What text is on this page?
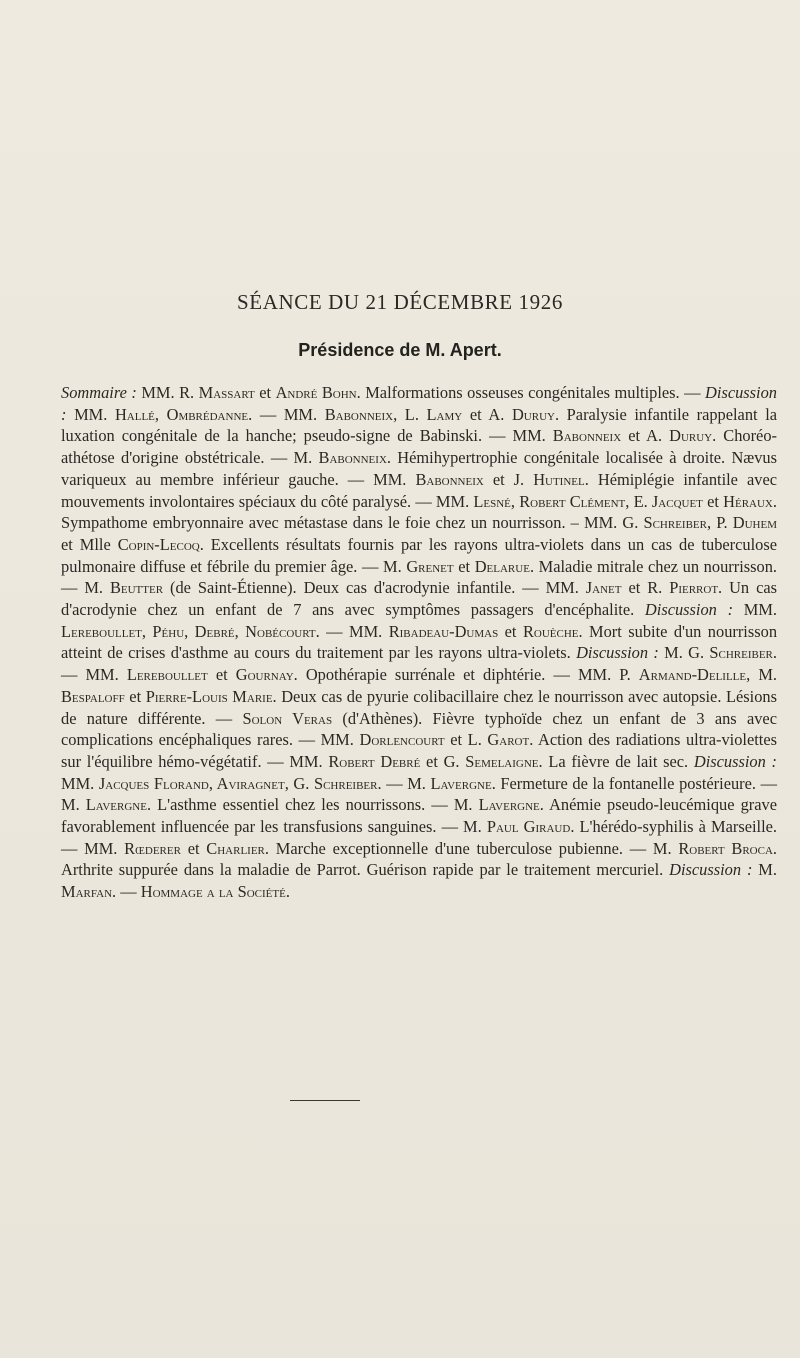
SÉANCE DU 21 DÉCEMBRE 1926
Présidence de M. Apert.
Sommaire : MM. R. Massart et André Bohn. Malformations osseuses congénitales multiples. — Discussion : MM. Hallé, Ombrédanne. — MM. Babonneix, L. Lamy et A. Duruy. Paralysie infantile rappelant la luxation congénitale de la hanche; pseudo-signe de Babinski. — MM. Babonneix et A. Duruy. Choréoathétose d'origine obstétricale. — M. Babonneix. Hémihypertrophie congénitale localisée à droite. Nævus variqueux au membre inférieur gauche. — MM. Babonneix et J. Hutinel. Hémiplégie infantile avec mouvements involontaires spéciaux du côté paralysé. — MM. Lesné, Robert Clément, E. Jacquet et Héraux. Sympathome embryonnaire avec métastase dans le foie chez un nourrisson. – MM. G. Schreiber, P. Duhem et Mlle Copin-Lecoq. Excellents résultats fournis par les rayons ultra-violets dans un cas de tuberculose pulmonaire diffuse et fébrile du premier âge. — M. Grenet et Delarue. Maladie mitrale chez un nourrisson. — M. Beutter (de Saint-Étienne). Deux cas d'acrodynie infantile. — MM. Janet et R. Pierrot. Un cas d'acrodynie chez un enfant de 7 ans avec symptômes passagers d'encéphalite. Discussion : MM. Lereboullet, Péhu, Debré, Nobécourt. — MM. Ribadeau-Dumas et Rouèche. Mort subite d'un nourrisson atteint de crises d'asthme au cours du traitement par les rayons ultra-violets. Discussion : M. G. Schreiber. — MM. Lereboullet et Gournay. Opothérapie surrénale et diphtérie. — MM. P. Armand-Delille, M. Bespaloff et Pierre-Louis Marie. Deux cas de pyurie colibacillaire chez le nourrisson avec autopsie. Lésions de nature différente. — Solon Veras (d'Athènes). Fièvre typhoïde chez un enfant de 3 ans avec complications encéphaliques rares. — MM. Dorlencourt et L. Garot. Action des radiations ultra-violettes sur l'équilibre hémo-végétatif. — MM. Robert Debré et G. Semelaigne. La fièvre de lait sec. Discussion : MM. Jacques Florand, Aviragnet, G. Schreiber. — M. Lavergne. Fermeture de la fontanelle postérieure. — M. Lavergne. L'asthme essentiel chez les nourrissons. — M. Lavergne. Anémie pseudo-leucémique grave favorablement influencée par les transfusions sanguines. — M. Paul Giraud. L'hérédo-syphilis à Marseille. — MM. Rœderer et Charlier. Marche exceptionnelle d'une tuberculose pubienne. — M. Robert Broca. Arthrite suppurée dans la maladie de Parrot. Guérison rapide par le traitement mercuriel. Discussion : M. Marfan. — Hommage a la Société.
